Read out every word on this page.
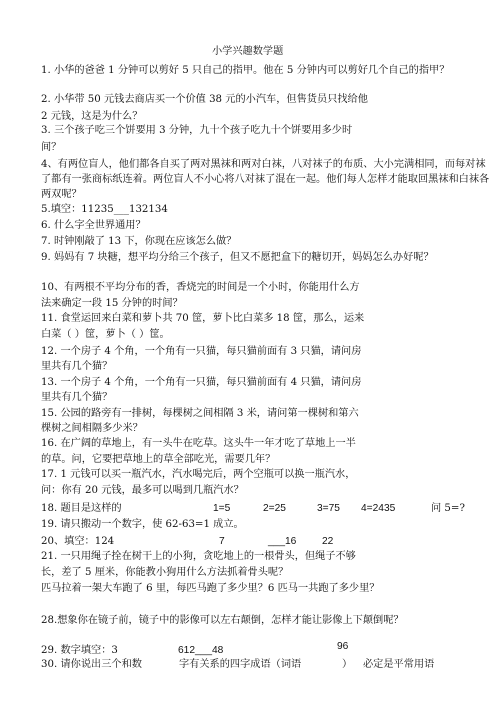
小学兴趣数学题
1. 小华的爸爸 1 分钟可以剪好 5 只自己的指甲。他在 5 分钟内可以剪好几个自己的指甲？
2. 小华带 50 元钱去商店买一个价值 38 元的小汽车，但售货员只找给他
2 元钱，这是为什么？
3. 三个孩子吃三个饼要用 3 分钟，九十个孩子吃九十个饼要用多少时
间？
4、有两位盲人，他们都各自买了两对黑袜和两对白袜，八对袜子的布质、大小完满相同，而每对袜
了都有一张商标纸连着。两位盲人不小心将八对袜了混在一起。他们每人怎样才能取回黑袜和白袜各
两双呢？
5.填空：11235___132134
6. 什么字全世界通用？
7. 时钟刚敲了 13 下，你现在应该怎么做？
9. 妈妈有 7 块糖，想平均分给三个孩子，但又不愿把盒下的糖切开，妈妈怎么办好呢？
10、有两根不平均分布的香，香烧完的时间是一个小时，你能用什么方
法来确定一段 15 分钟的时间？
11. 食堂运回来白菜和萝卜共 70 筐，萝卜比白菜多 18 筐，那么，运来
白菜（ ）筐，萝卜（ ）筐。
12. 一个房子 4 个角，一个角有一只猫，每只猫前面有 3 只猫，请问房
里共有几个猫？
13. 一个房子 4 个角，一个角有一只猫，每只猫前面有 4 只猫，请问房
里共有几个猫？
15. 公园的路旁有一排树，每棵树之间相隔 3 米，请问第一棵树和第六
棵树之间相隔多少米？
16. 在广阔的草地上，有一头牛在吃草。这头牛一年才吃了草地上一半
的草。问，它要把草地上的草全部吃光，需要几年？
17. 1 元钱可以买一瓶汽水，汽水喝完后，两个空瓶可以换一瓶汽水，
问：你有 20 元钱，最多可以喝到几瓶汽水？
18. 题目是这样的	1=5	2=25	3=75 4=2435	问 5=?
19. 请只搬动一个数字，使 62-63=1 成立。
20、填空：124	7	___16	22
21. 一只用绳子拴在树干上的小狗，贪吃地上的一根骨头，但绳子不够
长，差了 5 厘米，你能教小狗用什么方法抓着骨头呢？
匹马拉着一架大车跑了 6 里，每匹马跑了多少里？6 匹马一共跑了多少里？
28.想象你在镜子前，镜子中的影像可以左右颠倒，怎样才能让影像上下颠倒呢？
29. 数字填空：3	612___48	96
30. 请你说出三个和数	字有关系的四字成语（词语	） 必定是平常用语
